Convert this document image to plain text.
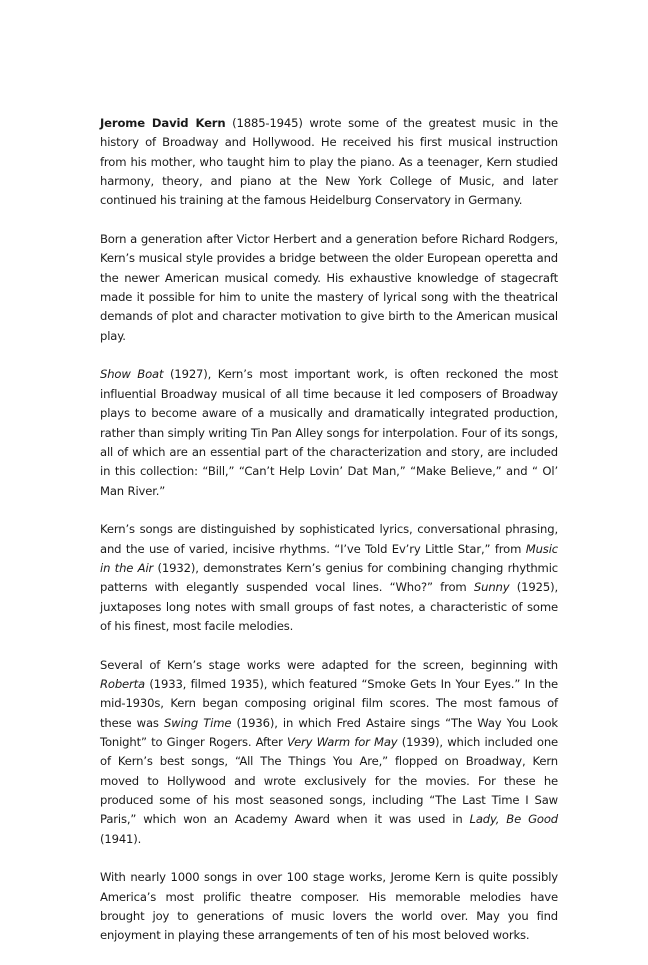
Jerome David Kern (1885-1945) wrote some of the greatest music in the history of Broadway and Hollywood. He received his first musical instruction from his mother, who taught him to play the piano. As a teenager, Kern studied harmony, theory, and piano at the New York College of Music, and later continued his training at the famous Heidelburg Conservatory in Germany.

Born a generation after Victor Herbert and a generation before Richard Rodgers, Kern’s musical style provides a bridge between the older European operetta and the newer American musical comedy. His exhaustive knowledge of stagecraft made it possible for him to unite the mastery of lyrical song with the theatrical demands of plot and character motivation to give birth to the American musical play.

Show Boat (1927), Kern’s most important work, is often reckoned the most influential Broadway musical of all time because it led composers of Broadway plays to become aware of a musically and dramatically integrated production, rather than simply writing Tin Pan Alley songs for interpolation. Four of its songs, all of which are an essential part of the characterization and story, are included in this collection: “Bill,” “Can’t Help Lovin’ Dat Man,” “Make Believe,” and “ Ol’ Man River.”

Kern’s songs are distinguished by sophisticated lyrics, conversational phrasing, and the use of varied, incisive rhythms. “I’ve Told Ev’ry Little Star,” from Music in the Air (1932), demonstrates Kern’s genius for combining changing rhythmic patterns with elegantly suspended vocal lines. “Who?” from Sunny (1925), juxtaposes long notes with small groups of fast notes, a characteristic of some of his finest, most facile melodies.

Several of Kern’s stage works were adapted for the screen, beginning with Roberta (1933, filmed 1935), which featured “Smoke Gets In Your Eyes.” In the mid-1930s, Kern began composing original film scores. The most famous of these was Swing Time (1936), in which Fred Astaire sings “The Way You Look Tonight” to Ginger Rogers. After Very Warm for May (1939), which included one of Kern’s best songs, “All The Things You Are,” flopped on Broadway, Kern moved to Hollywood and wrote exclusively for the movies. For these he produced some of his most seasoned songs, including “The Last Time I Saw Paris,” which won an Academy Award when it was used in Lady, Be Good (1941).

With nearly 1000 songs in over 100 stage works, Jerome Kern is quite possibly America’s most prolific theatre composer. His memorable melodies have brought joy to generations of music lovers the world over. May you find enjoyment in playing these arrangements of ten of his most beloved works.
